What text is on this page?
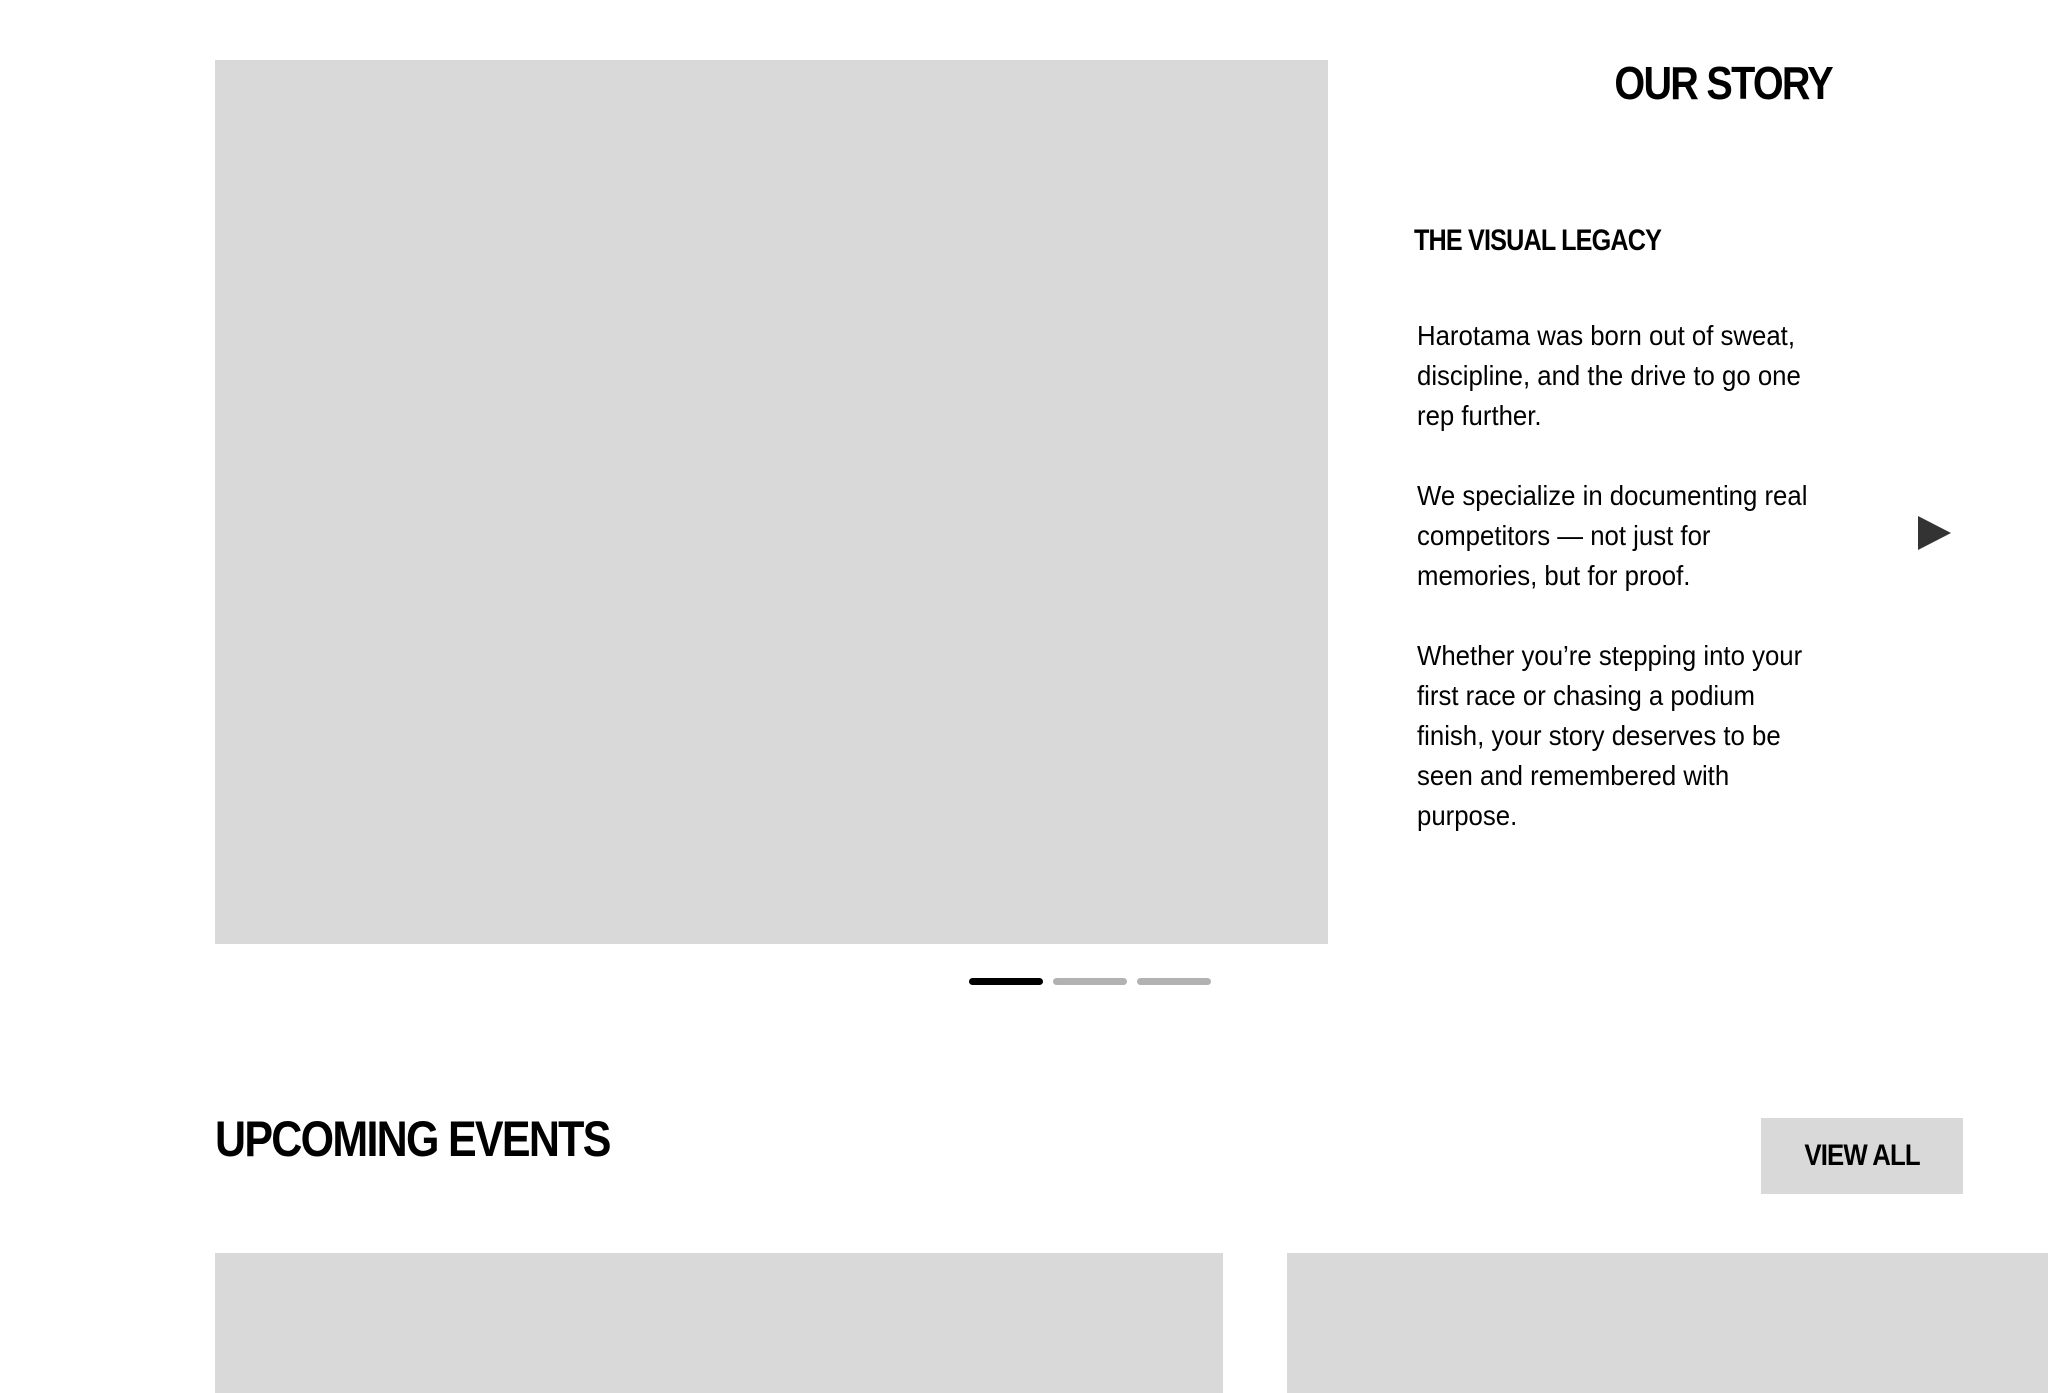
OUR STORY
THE VISUAL LEGACY

Harotama was born out of sweat, discipline, and the drive to go one rep further.

We specialize in documenting real competitors — not just for memories, but for proof.

Whether you’re stepping into your first race or chasing a podium finish, your story deserves to be seen and remembered with purpose.

UPCOMING EVENTS	VIEW ALL
